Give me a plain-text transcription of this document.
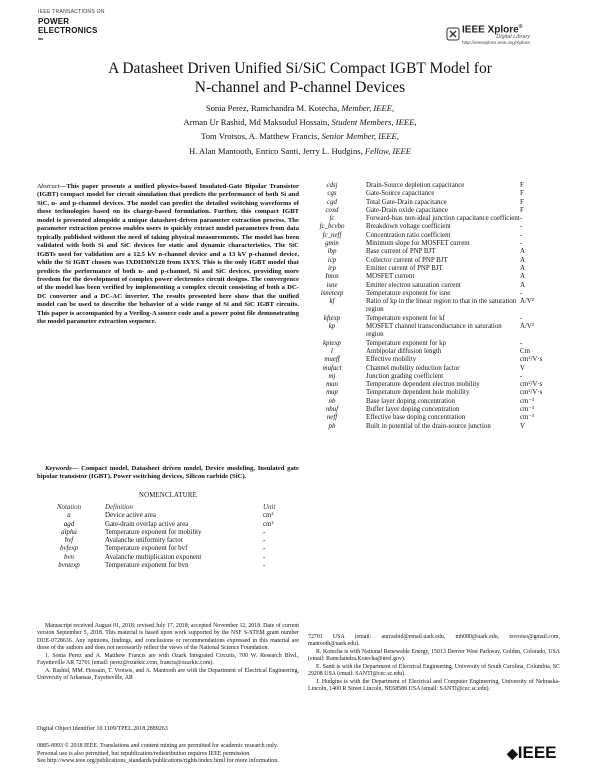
IEEE TRANSACTIONS ON
POWER
ELECTRONICS
∞
IEEE Xplore®
Digital Library
http://ieeexplore.ieee.org/Xplore
A Datasheet Driven Unified Si/SiC Compact IGBT Model for
N-channel and P-channel Devices
Sonia Perez, Ramchandra M. Kotecha, Member, IEEE,
Arman Ur Rashid, Md Maksudul Hossain, Student Members, IEEE,
Tom Vrotsos, A. Matthew Francis, Senior Member, IEEE,
H. Alan Mantooth, Enrico Santi, Jerry L. Hudgins, Fellow, IEEE
Abstract—This paper presents a unified physics-based Insulated-Gate Bipolar Transistor (IGBT) compact model for circuit simulation that predicts the performance of both Si and SiC, n- and p-channel devices. The model can predict the detailed switching waveforms of these technologies based on its charge-based formulation. Further, this compact IGBT model is presented alongside a unique datasheet-driven parameter extraction process. The parameter extraction process enables users to quickly extract model parameters from data typically published without the need of taking physical measurements. The model has been validated with both Si and SiC devices for static and dynamic characteristics. The SiC IGBTs used for validation are a 12.5 kV n-channel device and a 13 kV p-channel device, while the Si IGBT chosen was IXDH30N120 from IXYS. This is the only IGBT model that predicts the performance of both n- and p-channel, Si and SiC devices, providing more freedom for the development of complex power electronics circuit designs. The convergence of the model has been verified by implementing a complex circuit consisting of both a DC-DC converter and a DC-AC inverter. The results presented here show that the unified model can be used to describe the behavior of a wide range of Si and SiC IGBT circuits. This paper is accompanied by a Verilog-A source code and a power point file demonstrating the model parameter extraction sequence.
Keywords— Compact model, Datasheet driven model, Device modeling, Insulated gate bipolar transistor (IGBT), Power switching devices, Silicon carbide (SiC).
NOMENCLATURE
Notation	Definition	Unit
a	Device active area	cm²
agd	Gate-drain overlap active area	cm²
alpha	Temperature exponent for mobility	-
bvf	Avalanche uniformity factor	-
bvfexp	Temperature exponent for bvf	-
bvn	Avalanche multiplication exponent	-
bvntexp	Temperature exponent for bvn	-
cdsj	Drain-Source depletion capacitance	F
cgs	Gate-Source capacitance	F
cgd	Total Gate-Drain capacitance	F
coxd	Gate-Drain oxide capacitance	F
fc	Forward-bias non-ideal junction capacitance coefficient	-
fc_bcvbo	Breakdown voltage coefficient	-
fc_neff	Concentration ratio coefficient	-
gmin	Minimum slope for MOSFET current	-
ibp	Base current of PNP BJT	A
icp	Collector current of PNP BJT	A
irp	Emitter current of PNP BJT	A
Imos	MOSFET current	A
isne	Emitter electron saturation current	A
isnetexp	Temperature exponent for isne	-
kf	Ratio of kp in the linear region to that in the saturation region	A/V²
kftexp	Temperature exponent for kf	-
kp	MOSFET channel transconductance in saturation region	A/V²
kptexp	Temperature exponent for kp	-
l	Ambipolar diffusion length	Cm
mueff	Effective mobility	cm²/V·s
mufact	Channel mobility reduction factor	V
mj	Junction grading coefficient	-
mun	Temperature dependent electron mobility	cm²/V·s
mup	Temperature dependent hole mobility	cm²/V·s
nb	Base layer doping concentration	cm⁻³
nbuf	Buffer layer doping concentration	cm⁻³
neff	Effective base doping concentration	cm⁻³
pb	Built in potential of the drain-source junction	V

Manuscript received August 01, 2018; revised July 17, 2018; accepted November 12, 2018. Date of current version September 5, 2018. This material is based upon work supported by the NSF S-STEM grant number DUE-0728636. Any opinions, findings, and conclusions or recommendations expressed in this material are those of the authors and does not necessarily reflect the views of the National Science Foundation.

1. Sonia Perez and A. Matthew Francis are with Ozark Integrated Circuits, 700 W. Research Blvd., Fayetteville AR 72701 (email: perez@ozarkic.com, francis@ozarkic.com).

A. Rashid, MM. Hossain, T. Vrotsos, and A. Mantooth are with the Department of Electrical Engineering, University of Arkansas, Fayetteville, AR

72701 USA (email: aurrashid@email.uark.edu, mh080@uark.edu, tsvrotso@gmail.com, mantooth@uark.edu).

R. Kotecha is with National Renewable Energy, 15013 Denver West Parkway, Golden, Colorado, USA (email: Ramchandra.Kotecha@nrel.gov).

E. Santi is with the Department of Electrical Engineering, University of South Carolina, Columbia, SC 29208 USA (email: SANTI@cec.sc.edu).

J. Hudgins is with the Department of Electrical and Computer Engineering, University of Nebraska-Lincoln, 1400 R Street Lincoln, NE68588 USA (email: SANTI@cec.sc.edu).

Digital Object Identifier 10.1109/TPEL.2018.2889263
0885-8993 © 2018 IEEE. Translations and content mining are permitted for academic research only.
Personal use is also permitted, but republication/redistribution requires IEEE permission.
See http://www.ieee.org/publications_standards/publications/rights/index.html for more information.
◆IEEE
